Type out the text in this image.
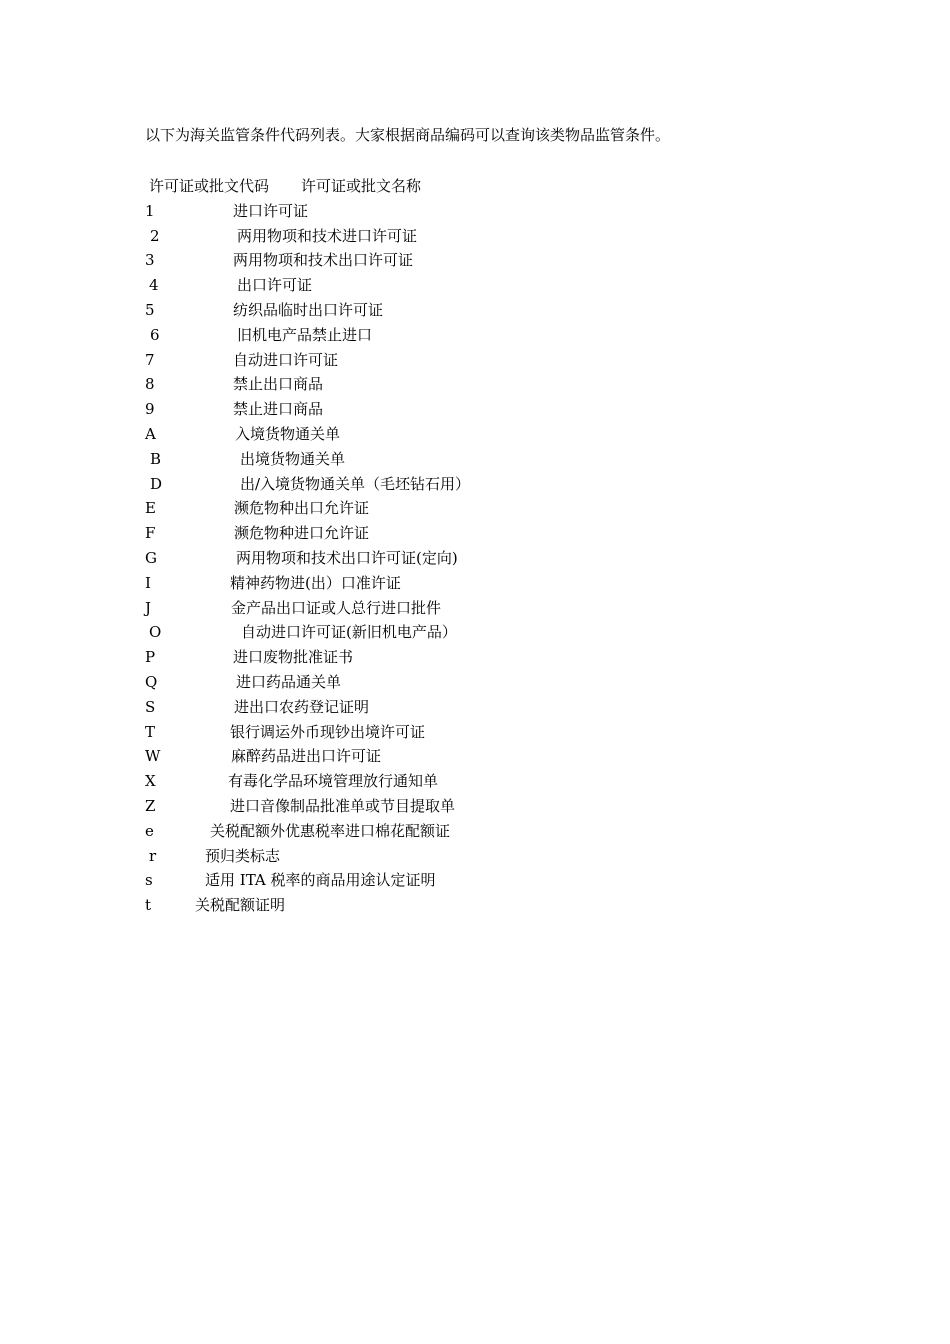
以下为海关监管条件代码列表。大家根据商品编码可以查询该类物品监管条件。
许可证或批文代码 许可证或批文名称
1	进口许可证
2	两用物项和技术进口许可证
3	两用物项和技术出口许可证
4	出口许可证
5	纺织品临时出口许可证
6	旧机电产品禁止进口
7	自动进口许可证
8	禁止出口商品
9	禁止进口商品
A	入境货物通关单
B	出境货物通关单
D	出/入境货物通关单（毛坯钻石用）
E	濒危物种出口允许证
F	濒危物种进口允许证
G	两用物项和技术出口许可证(定向)
I	精神药物进(出）口准许证
J	金产品出口证或人总行进口批件
O	自动进口许可证(新旧机电产品）
P	进口废物批准证书
Q	进口药品通关单
S	进出口农药登记证明
T	银行调运外币现钞出境许可证
W	麻醉药品进出口许可证
X	有毒化学品环境管理放行通知单
Z	进口音像制品批准单或节目提取单
e	关税配额外优惠税率进口棉花配额证
r	预归类标志
s	适用 ITA 税率的商品用途认定证明
t	关税配额证明
